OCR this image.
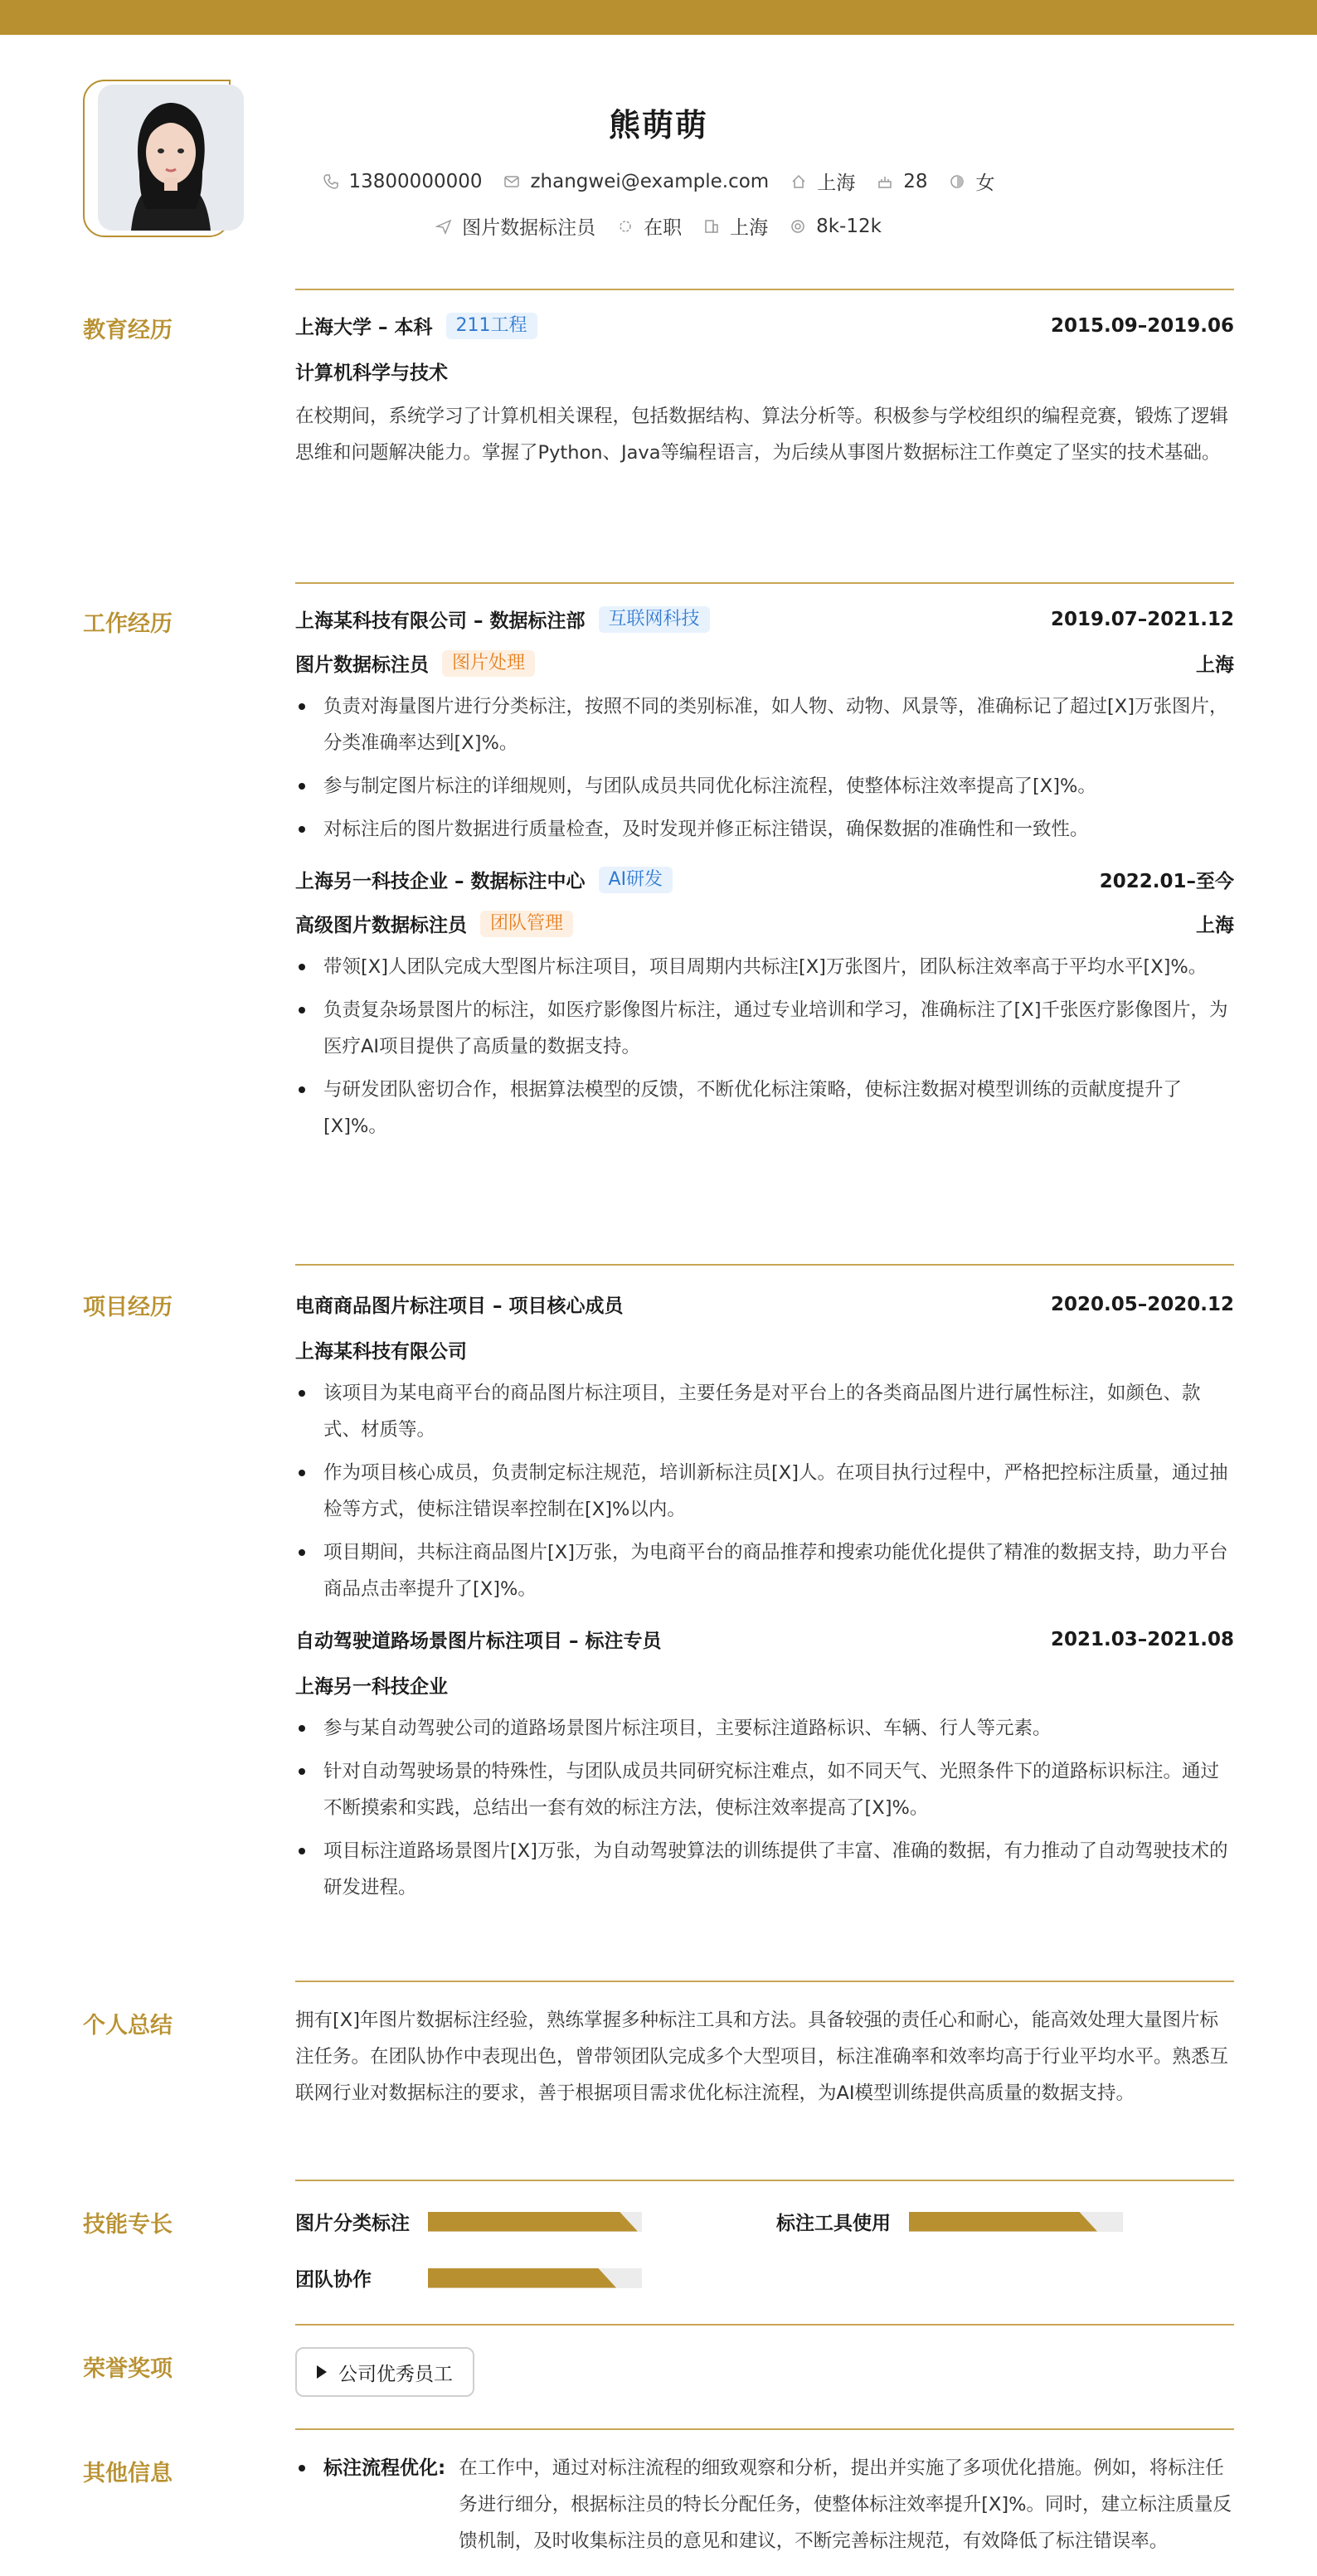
熊萌萌
13800000000	zhangwei@example.com	上海	28	女
图片数据标注员	在职	上海	8k-12k
教育经历	上海大学 – 本科	211工程	2015.09–2019.06
计算机科学与技术

在校期间，系统学习了计算机相关课程，包括数据结构、算法分析等。积极参与学校组织的编程竞赛，锻炼了逻辑思维和问题解决能力。掌握了Python、Java等编程语言，为后续从事图片数据标注工作奠定了坚实的技术基础。

工作经历	上海某科技有限公司 – 数据标注部	互联网科技	2019.07–2021.12
图片数据标注员	图片处理	上海
负责对海量图片进行分类标注，按照不同的类别标准，如人物、动物、风景等，准确标记了超过[X]万张图片，分类准确率达到[X]%。
参与制定图片标注的详细规则，与团队成员共同优化标注流程，使整体标注效率提高了[X]%。
对标注后的图片数据进行质量检查，及时发现并修正标注错误，确保数据的准确性和一致性。
上海另一科技企业 – 数据标注中心	AI研发	2022.01–至今
高级图片数据标注员	团队管理	上海
带领[X]人团队完成大型图片标注项目，项目周期内共标注[X]万张图片，团队标注效率高于平均水平[X]%。
负责复杂场景图片的标注，如医疗影像图片标注，通过专业培训和学习，准确标注了[X]千张医疗影像图片，为医疗AI项目提供了高质量的数据支持。
与研发团队密切合作，根据算法模型的反馈，不断优化标注策略，使标注数据对模型训练的贡献度提升了[X]%。
项目经历	电商商品图片标注项目 – 项目核心成员	2020.05–2020.12
上海某科技有限公司
该项目为某电商平台的商品图片标注项目，主要任务是对平台上的各类商品图片进行属性标注，如颜色、款式、材质等。
作为项目核心成员，负责制定标注规范，培训新标注员[X]人。在项目执行过程中，严格把控标注质量，通过抽检等方式，使标注错误率控制在[X]%以内。
项目期间，共标注商品图片[X]万张，为电商平台的商品推荐和搜索功能优化提供了精准的数据支持，助力平台商品点击率提升了[X]%。
自动驾驶道路场景图片标注项目 – 标注专员	2021.03–2021.08
上海另一科技企业
参与某自动驾驶公司的道路场景图片标注项目，主要标注道路标识、车辆、行人等元素。
针对自动驾驶场景的特殊性，与团队成员共同研究标注难点，如不同天气、光照条件下的道路标识标注。通过不断摸索和实践，总结出一套有效的标注方法，使标注效率提高了[X]%。
项目标注道路场景图片[X]万张，为自动驾驶算法的训练提供了丰富、准确的数据，有力推动了自动驾驶技术的研发进程。
个人总结	拥有[X]年图片数据标注经验，熟练掌握多种标注工具和方法。具备较强的责任心和耐心，能高效处理大量图片标注任务。在团队协作中表现出色，曾带领团队完成多个大型项目，标注准确率和效率均高于行业平均水平。熟悉互联网行业对数据标注的要求，善于根据项目需求优化标注流程，为AI模型训练提供高质量的数据支持。

技能专长	图片分类标注	标注工具使用
团队协作
荣誉奖项	公司优秀员工
其他信息	标注流程优化: 在工作中，通过对标注流程的细致观察和分析，提出并实施了多项优化措施。例如，将标注任务进行细分，根据标注员的特长分配任务，使整体标注效率提升[X]%。同时，建立标注质量反馈机制，及时收集标注员的意见和建议，不断完善标注规范，有效降低了标注错误率。
